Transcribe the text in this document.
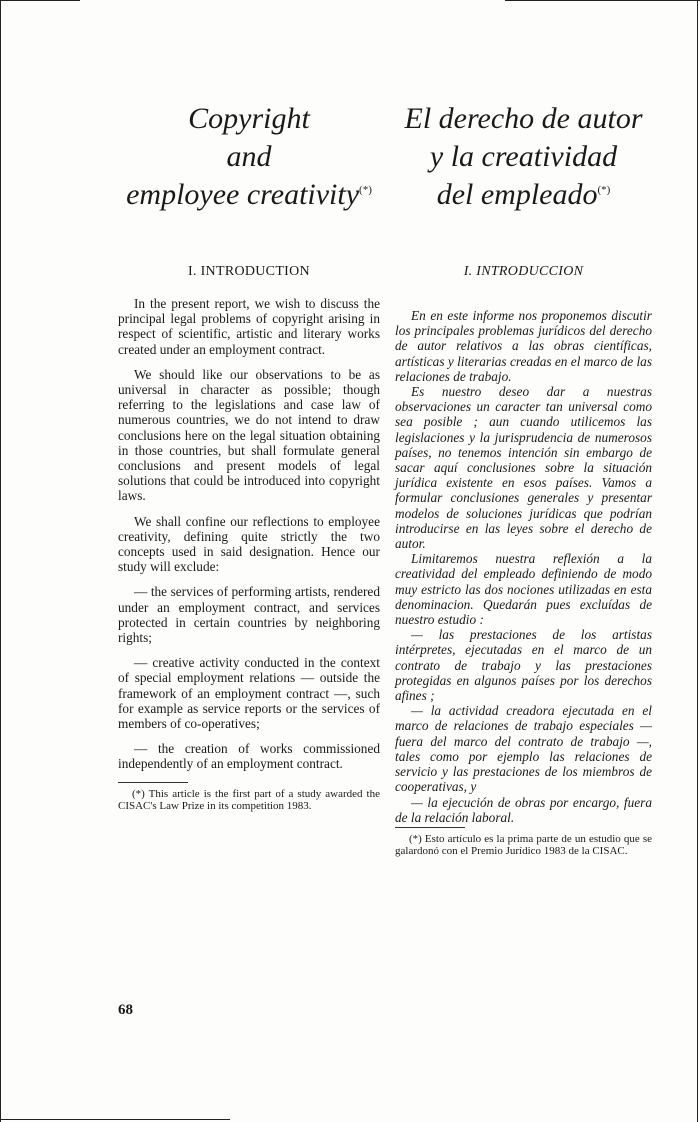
Copyright
and
employee creativity(*)
I. INTRODUCTION

In the present report, we wish to discuss the principal legal problems of copyright arising in respect of scientific, artistic and literary works created under an employment contract.

We should like our observations to be as universal in character as possible; though referring to the legislations and case law of numerous countries, we do not intend to draw conclusions here on the legal situation obtaining in those countries, but shall formulate general conclusions and present models of legal solutions that could be introduced into copyright laws.

We shall confine our reflections to employee creativity, defining quite strictly the two concepts used in said designation. Hence our study will exclude:

— the services of performing artists, rendered under an employment contract, and services protected in certain countries by neighboring rights;

— creative activity conducted in the context of special employment relations — outside the framework of an employment contract —, such for example as service reports or the services of members of co-operatives;

— the creation of works commissioned independently of an employment contract.

(*) This article is the first part of a study awarded the CISAC's Law Prize in its competition 1983.

El derecho de autor
y la creatividad
del empleado(*)
I. INTRODUCCION

En en este informe nos proponemos discutir los principales problemas jurídicos del derecho de autor relativos a las obras científicas, artísticas y literarias creadas en el marco de las relaciones de trabajo.

Es nuestro deseo dar a nuestras observaciones un caracter tan universal como sea posible ; aun cuando utilicemos las legislaciones y la jurisprudencia de numerosos países, no tenemos intención sin embargo de sacar aquí conclusiones sobre la situación jurídica existente en esos países. Vamos a formular conclusiones generales y presentar modelos de soluciones jurídicas que podrían introducirse en las leyes sobre el derecho de autor.

Limitaremos nuestra reflexión a la creatividad del empleado definiendo de modo muy estricto las dos nociones utilizadas en esta denominacion. Quedarán pues excluídas de nuestro estudio :

— las prestaciones de los artistas intérpretes, ejecutadas en el marco de un contrato de trabajo y las prestaciones protegidas en algunos países por los derechos afines ;

— la actividad creadora ejecutada en el marco de relaciones de trabajo especiales — fuera del marco del contrato de trabajo —, tales como por ejemplo las relaciones de servicio y las prestaciones de los miembros de cooperativas, y

— la ejecución de obras por encargo, fuera de la relación laboral.

(*) Esto artículo es la prima parte de un estudio que se galardonó con el Premio Jurídico 1983 de la CISAC.

68
